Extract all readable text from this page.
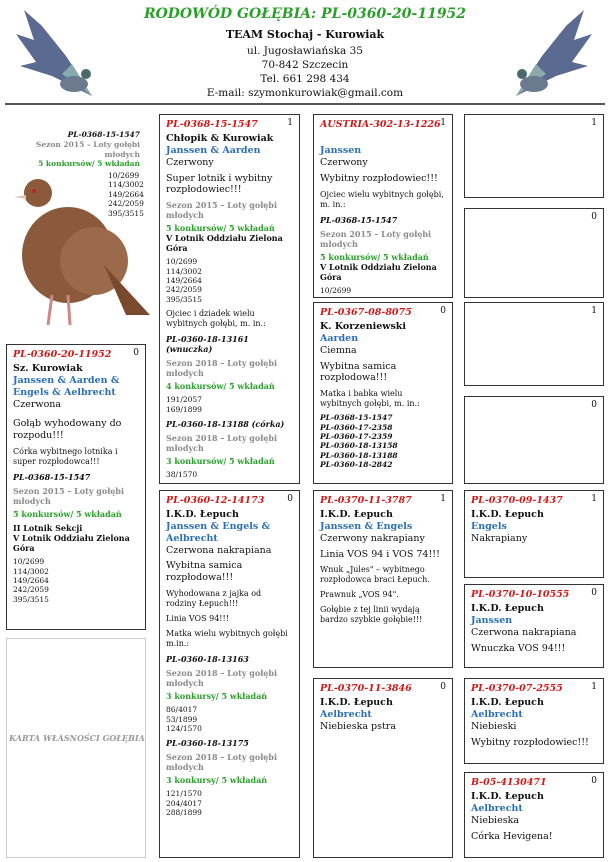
RODOWÓD GOŁĘBIA: PL-0360-20-11952
TEAM Stochaj - Kurowiak
ul. Jugosławiańska 35
70-842 Szczecin
Tel. 661 298 434
E-mail: szymonkurowiak@gmail.com
PL-0368-15-1547
Sezon 2015 – Loty gołębi młodych
5 konkursów/ 5 wkładań
10/2699
114/3002
149/2664
242/2059
395/3515
PL-0360-20-11952	0
Sz. Kurowiak
Janssen & Aarden & Engels & Aelbrecht
Czerwona
Gołąb wyhodowany do rozpodu!!!
Córka wybitnego lotnika i super rozpłodowca!!!
PL-0368-15-1547
Sezon 2015 – Loty gołębi młodych
5 konkursów/ 5 wkładań
II Lotnik Sekcji
V Lotnik Oddziału Zielona Góra
10/2699
114/3002
149/2664
242/2059
395/3515
KARTA WŁASNOŚCI GOŁĘBIA
PL-0368-15-1547	1
Chłopik & Kurowiak
Janssen & Aarden
Czerwony
Super lotnik i wybitny rozpłodowiec!!!
Sezon 2015 – Loty gołębi młodych
5 konkursów/ 5 wkładań
V Lotnik Oddziału Zielona Góra
10/2699
114/3002
149/2664
242/2059
395/3515
Ojciec i dziadek wielu wybitnych gołębi, m. in.:
PL-0360-18-13161 (wnuczka)
Sezon 2018 – Loty gołębi młodych
4 konkursów/ 5 wkładań
191/2057
169/1899
PL-0360-18-13188 (córka)
Sezon 2018 – Loty gołębi młodych
3 konkursów/ 5 wkładań
38/1570
PL-0360-12-14173	0
I.K.D. Łepuch
Janssen & Engels & Aelbrecht
Czerwona nakrapiana
Wybitna samica rozpłodowa!!!
Wyhodowana z jajka od rodziny Łepuch!!!
Linia VOS 94!!!
Matka wielu wybitnych gołębi m.in.:
PL-0360-18-13163
Sezon 2018 – Loty gołębi młodych
3 konkursy/ 5 wkładań
86/4017
53/1899
124/1570
PL-0360-18-13175
Sezon 2018 – Loty gołębi młodych
3 konkursy/ 5 wkładań
121/1570
204/4017
288/1899
AUSTRIA-302-13-1226 1
Janssen
Czerwony
Wybitny rozpłodowiec!!!
Ojciec wielu wybitnych gołębi, m. in.:
PL-0368-15-1547
Sezon 2015 – Loty gołębi młodych
5 konkursów/ 5 wkładań
V Lotnik Oddziału Zielona Góra
10/2699
PL-0367-08-8075	0
K. Korzeniewski
Aarden
Ciemna
Wybitna samica rozpłodowa!!!
Matka i babka wielu wybitnych gołębi, m. in.:
PL-0368-15-1547
PL-0360-17-2358
PL-0360-17-2359
PL-0360-18-13158
PL-0360-18-13188
PL-0360-18-2842
PL-0370-11-3787	1
I.K.D. Łepuch
Janssen & Engels
Czerwony nakrapiany
Linia VOS 94 i VOS 74!!!
Wnuk „Jules" – wybitnego rozpłodowca braci Łepuch.
Prawnuk „VOS 94".
Gołębie z tej linii wydają bardzo szybkie gołębie!!!
PL-0370-11-3846	0
I.K.D. Łepuch
Aelbrecht
Niebieska pstra
1
0
1
0
PL-0370-09-1437	1
I.K.D. Łepuch
Engels
Nakrapiany
PL-0370-10-10555	0
I.K.D. Łepuch
Janssen
Czerwona nakrapiana
Wnuczka VOS 94!!!
PL-0370-07-2555	1
I.K.D. Łepuch
Aelbrecht
Niebieski
Wybitny rozpłodowiec!!!
B-05-4130471	0
I.K.D. Łepuch
Aelbrecht
Niebieska
Córka Hevigena!
